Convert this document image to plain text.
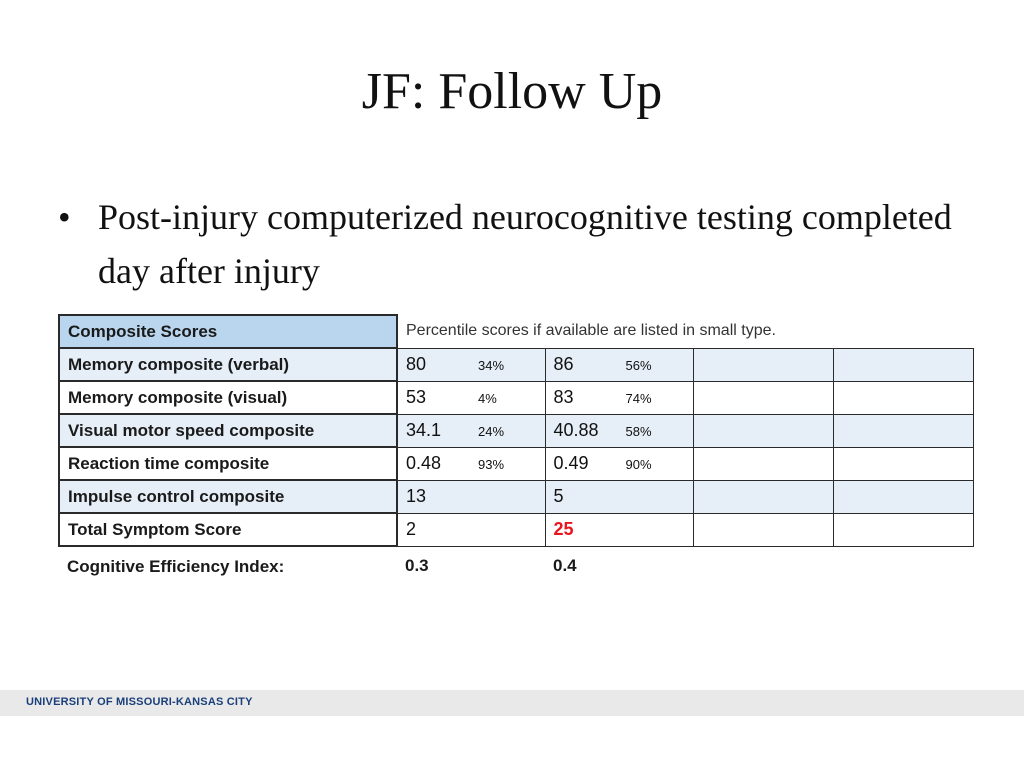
JF: Follow Up
• Post-injury computerized neurocognitive testing completed day after injury
Composite Scores	Percentile scores if available are listed in small type.			
Memory composite (verbal)	80 34%	86 56%		
Memory composite (visual)	53 4%	83 74%		
Visual motor speed composite	34.1 24%	40.88 58%		
Reaction time composite	0.48 93%	0.49 90%		
Impulse control composite	13	5		
Total Symptom Score	2	25		
Cognitive Efficiency Index:	0.3	0.4		
UNIVERSITY OF MISSOURI-KANSAS CITY
